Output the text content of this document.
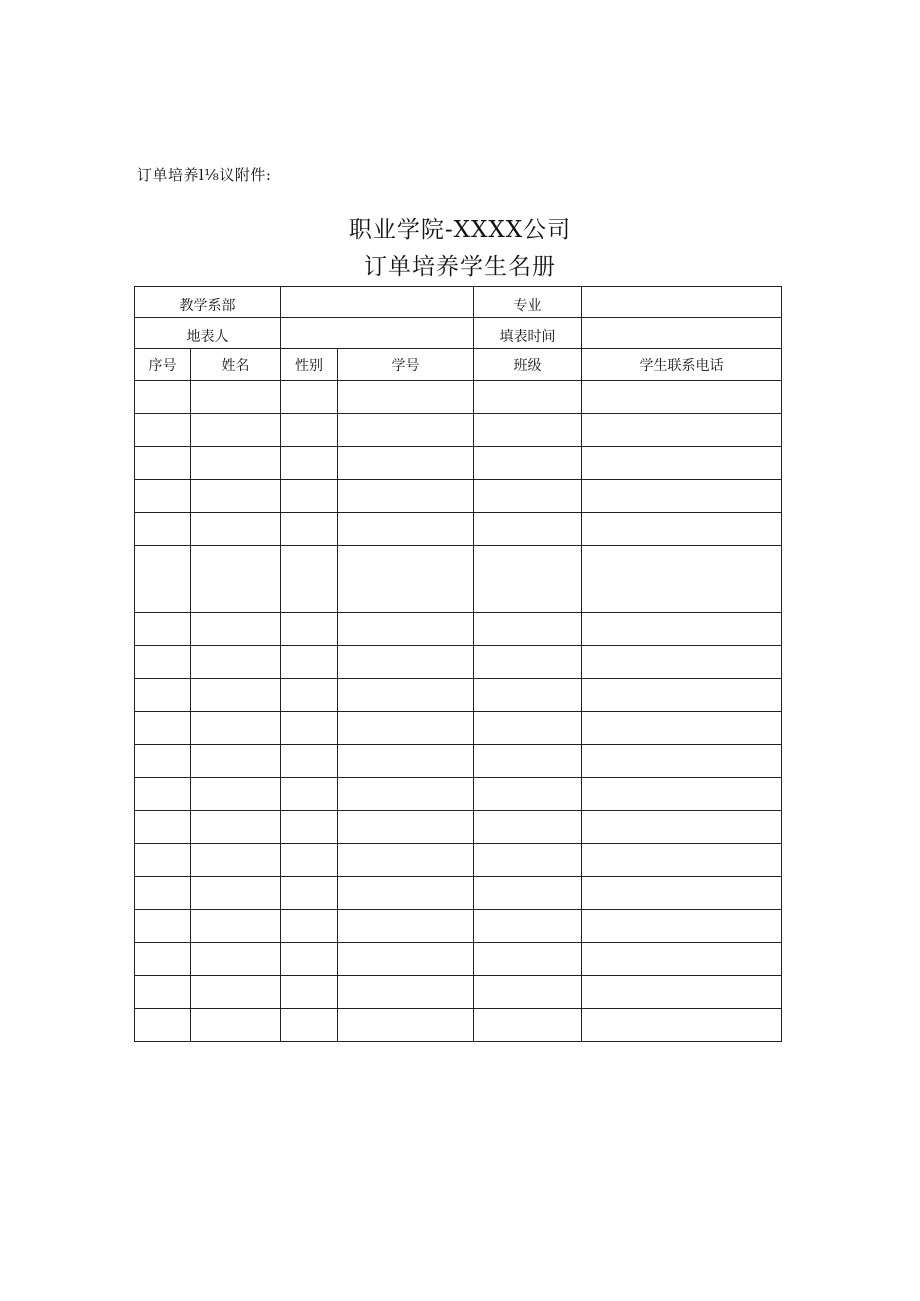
订单培养l⅛议附件:
职业学院-XXXX公司
订单培养学生名册
教学系部				专业	
地表人				填表时间	
序号	姓名	性别	学号	班级	学生联系电话
